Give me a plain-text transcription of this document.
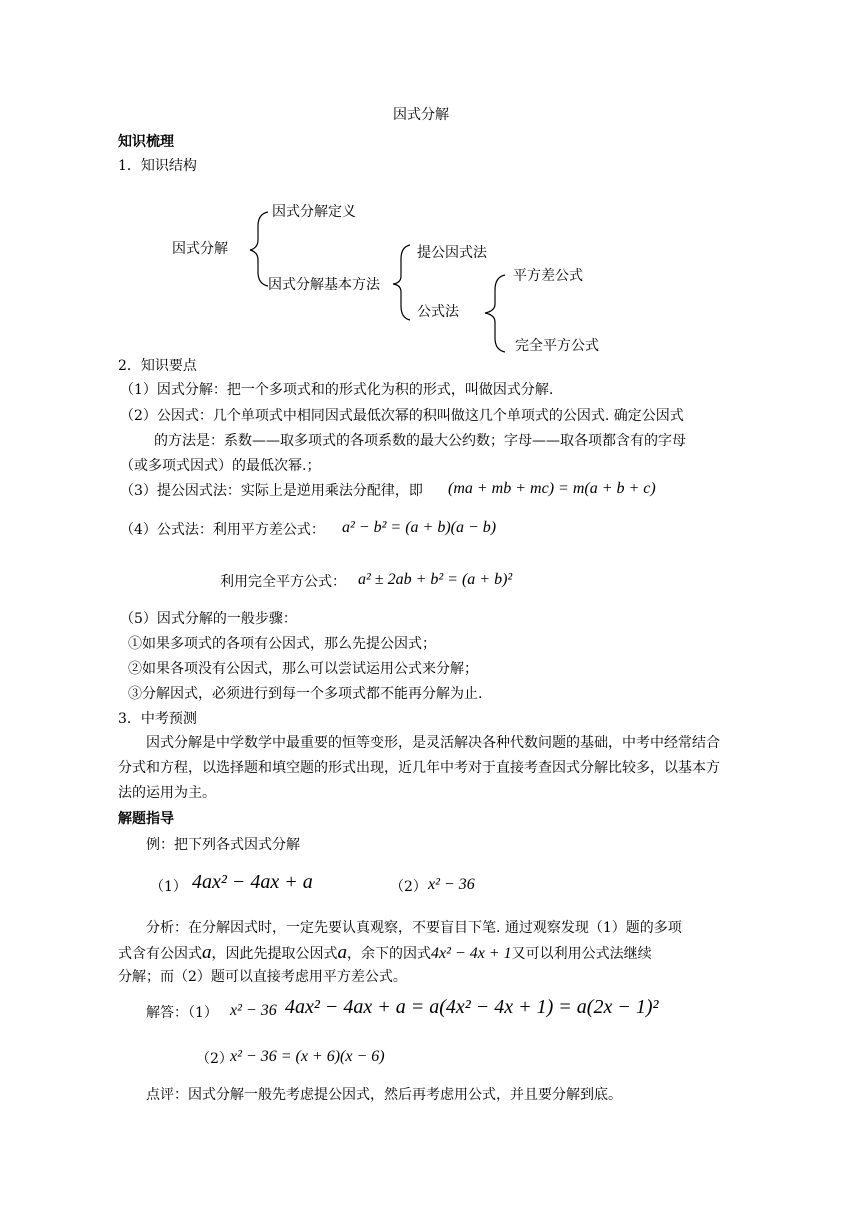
因式分解
知识梳理
1．知识结构
因式分解
因式分解定义
因式分解基本方法
提公因式法
公式法
平方差公式
完全平方公式
2．知识要点
（1）因式分解：把一个多项式和的形式化为积的形式，叫做因式分解.
（2）公因式：几个单项式中相同因式最低次幂的积叫做这几个单项式的公因式. 确定公因式
的方法是：系数——取多项式的各项系数的最大公约数；字母——取各项都含有的字母
（或多项式因式）的最低次幂.；
（3）提公因式法：实际上是逆用乘法分配律，即 (ma + mb + mc) = m(a + b + c)
（4）公式法：利用平方差公式： a² − b² = (a + b)(a − b)
利用完全平方公式： a² ± 2ab + b² = (a + b)²
（5）因式分解的一般步骤：
①如果多项式的各项有公因式，那么先提公因式；
②如果各项没有公因式，那么可以尝试运用公式来分解；
③分解因式，必须进行到每一个多项式都不能再分解为止.
3．中考预测
因式分解是中学数学中最重要的恒等变形，是灵活解决各种代数问题的基础，中考中经常结合分式和方程，以选择题和填空题的形式出现，近几年中考对于直接考查因式分解比较多，以基本方法的运用为主。
解题指导
例：把下列各式因式分解
（1） 4ax² − 4ax + a	（2） x² − 36
分析：在分解因式时，一定先要认真观察，不要盲目下笔. 通过观察发现（1）题的多项
式含有公因式a，因此先提取公因式a，余下的因式4x² − 4x + 1又可以利用公式法继续
分解；而（2）题可以直接考虑用平方差公式。
解答：（1） x² − 36 4ax² − 4ax + a = a(4x² − 4x + 1) = a(2x − 1)²
（2）
x² − 36 = (x + 6)(x − 6)
点评：因式分解一般先考虑提公因式，然后再考虑用公式，并且要分解到底。
